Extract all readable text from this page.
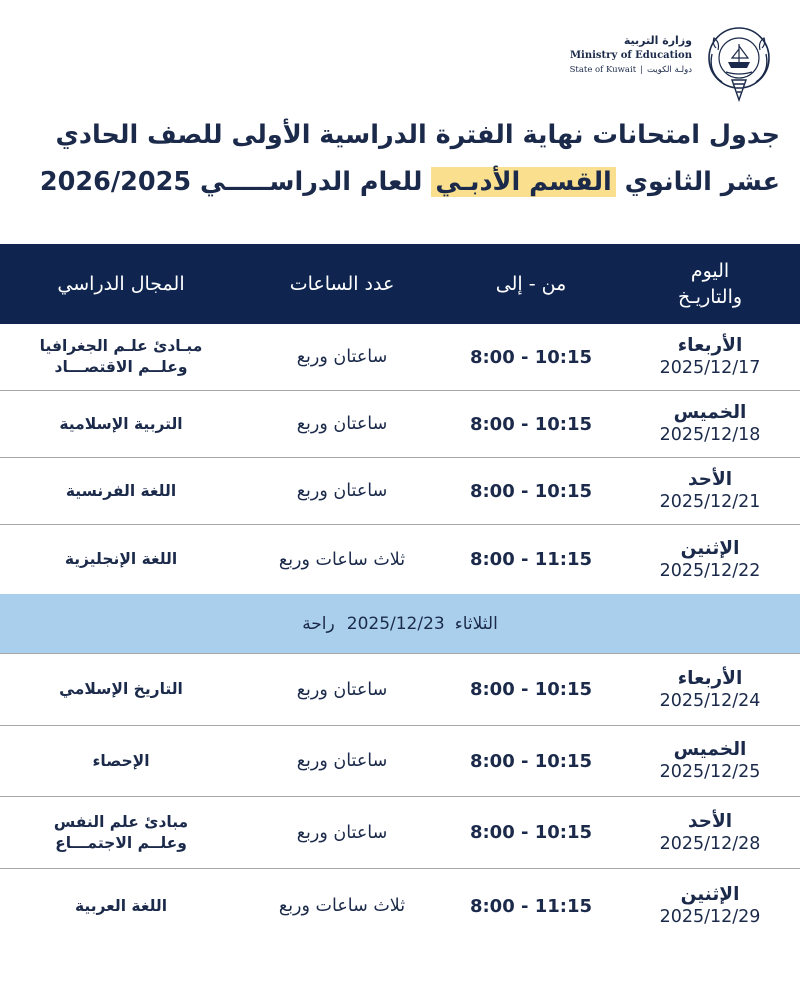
وزارة التربية
Ministry of Education
State of Kuwait | دولـة الكويت
جدول امتحانات نهاية الفترة الدراسية الأولى للصف الحادي
عشر الثانوي القسم الأدبـي للعام الدراســـــي 2026/2025
اليوم
والتاريـخ
من - إلى
عدد الساعات
المجال الدراسي
الأربعاء
2025/12/17
8:00 - 10:15
ساعتان وربع
مبـادئ علـم الجغرافيا
وعلــم الاقتصـــاد
الخميس
2025/12/18
8:00 - 10:15
ساعتان وربع
التربية الإسلامية
الأحد
2025/12/21
8:00 - 10:15
ساعتان وربع
اللغة الفرنسية
الإثنين
2025/12/22
8:00 - 11:15
ثلاث ساعات وربع
اللغة الإنجليزية
الثلاثاء
2025/12/23
راحة
الأربعاء
2025/12/24
8:00 - 10:15
ساعتان وربع
التاريخ الإسلامي
الخميس
2025/12/25
8:00 - 10:15
ساعتان وربع
الإحصاء
الأحد
2025/12/28
8:00 - 10:15
ساعتان وربع
مبادئ علم النفس
وعلــم الاجتمـــاع
الإثنين
2025/12/29
8:00 - 11:15
ثلاث ساعات وربع
اللغة العربية
